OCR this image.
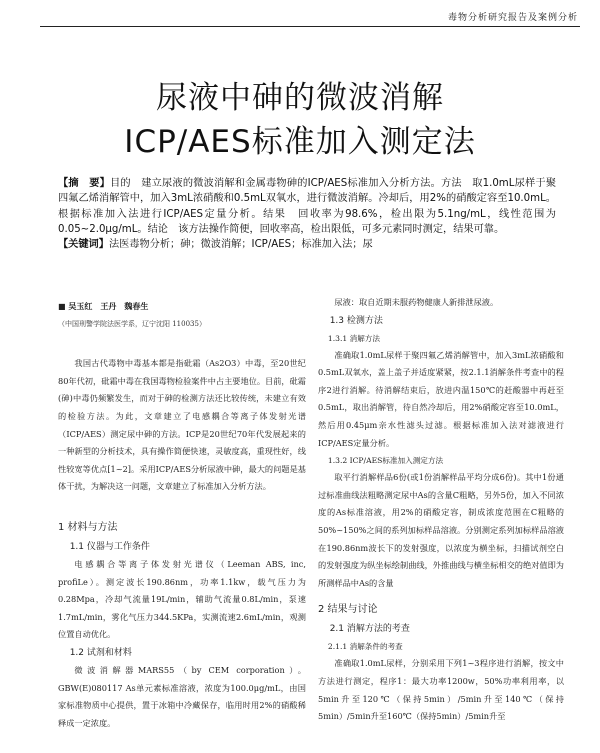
毒物分析研究报告及案例分析
尿液中砷的微波消解
ICP/AES标准加入测定法
【摘　要】目的　建立尿液的微波消解和金属毒物砷的ICP/AES标准加入分析方法。方法　取1.0mL尿样于聚四氟乙烯消解管中，加入3mL浓硝酸和0.5mL双氧水，进行微波消解。冷却后，用2%的硝酸定容至10.0mL。根据标准加入法进行ICP/AES定量分析。结果　回收率为98.6%，检出限为5.1ng/mL，线性范围为0.05~2.0μg/mL。结论　该方法操作简便，回收率高，检出限低，可多元素同时测定，结果可靠。
【关键词】法医毒物分析；砷；微波消解；ICP/AES；标准加入法；尿
■ 吴玉红　王丹　魏春生
（中国刑警学院法医学系，辽宁沈阳 110035）

我国古代毒物中毒基本都是指砒霜（As2O3）中毒，至20世纪80年代初，砒霜中毒在我国毒物检验案件中占主要地位。目前，砒霜(砷)中毒仍频繁发生，而对于砷的检测方法还比较传统，未建立有效的检验方法。为此，文章建立了电感耦合等离子体发射光谱（ICP/AES）测定尿中砷的方法。ICP是20世纪70年代发展起来的一种新型的分析技术，具有操作简便快速，灵敏度高，重现性好，线性较宽等优点[1~2]。采用ICP/AES分析尿液中砷，最大的问题是基体干扰，为解决这一问题，文章建立了标准加入分析方法。

1 材料与方法

1.1 仪器与工作条件

电感耦合等离子体发射光谱仪（Leeman ABS, inc, profiLe）。测定波长190.86nm，功率1.1kw，载气压力为0.28Mpa，冷却气流量19L/min，辅助气流量0.8L/min，泵速1.7mL/min，雾化气压力344.5KPa，实测流速2.6mL/min，观测位置自动优化。

1.2 试剂和材料

微波消解器MARS55（by CEM corporation）。GBW(E)080117 As单元素标准溶液，浓度为100.0μg/mL，由国家标准物质中心提供，置于冰箱中冷藏保存，临用时用2%的硝酸稀释成一定浓度。

尿液：取自近期未服药物健康人新排泄尿液。

1.3 检测方法

1.3.1 消解方法

准确取1.0mL尿样于聚四氟乙烯消解管中，加入3mL浓硝酸和0.5mL双氧水，盖上盖子并适度紧紧，按2.1.1消解条件考查中的程序2进行消解。待消解结束后，放进内温150℃的赶酸器中再赶至0.5mL，取出消解管，待自然冷却后，用2%硝酸定容至10.0mL，然后用0.45μm亲水性滤头过滤。根据标准加入法对滤液进行ICP/AES定量分析。

1.3.2 ICP/AES标准加入测定方法

取平行消解样品6份(或1份消解样品平均分成6份)。其中1份通过标准曲线法粗略测定尿中As的含量C粗略，另外5份，加入不同浓度的As标准溶液，用2%的硝酸定容，制成浓度范围在C粗略的50%~150%之间的系列加标样品溶液。分别测定系列加标样品溶液在190.86nm波长下的发射强度，以浓度为横坐标，扫描试剂空白的发射强度为纵坐标绘制曲线，外推曲线与横坐标相交的绝对值即为所测样品中As的含量

2 结果与讨论

2.1 消解方法的考查

2.1.1 消解条件的考查

准确取1.0mL尿样，分别采用下列1~3程序进行消解，按文中方法进行测定，程序1：最大功率1200w，50%功率利用率，以5min升至120℃（保持5min）/5min升至140℃（保持5min）/5min升至160℃（保持5min）/5min升至
